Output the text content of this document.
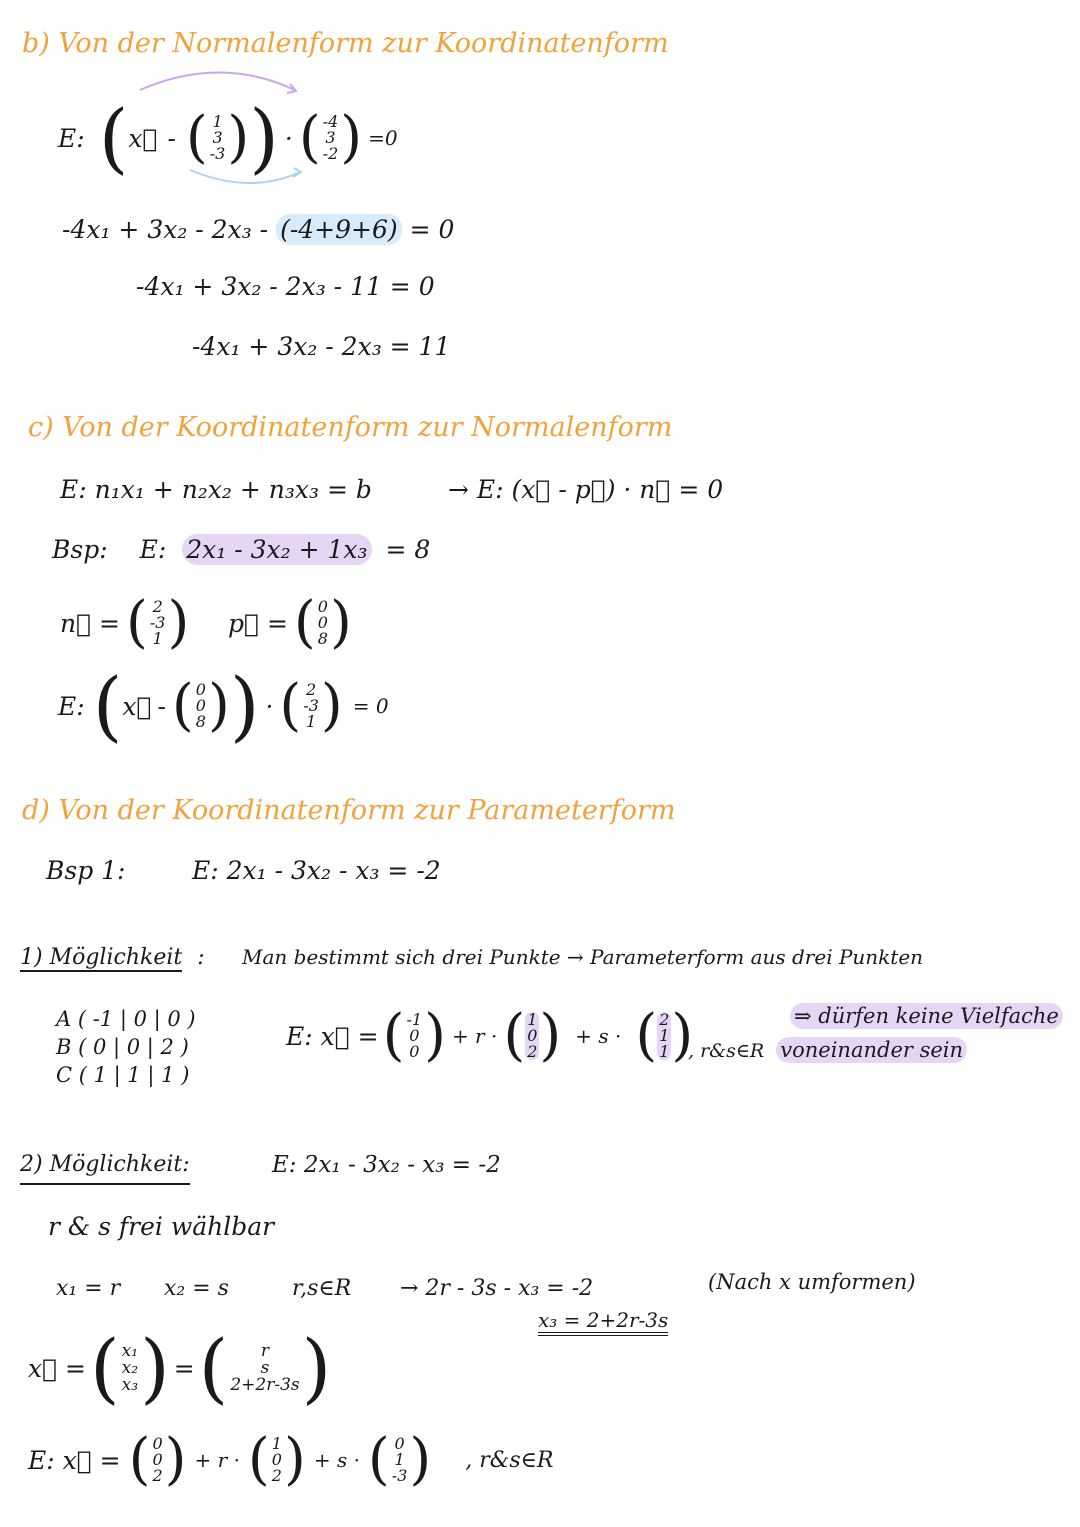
b) Von der Normalenform zur Koordinatenform
E: ( x⃗ - ( 1
3
-3 ) ) · ( -4
3
-2 ) =0
-4x₁ + 3x₂ - 2x₃ - (-4+9+6) = 0
-4x₁ + 3x₂ - 2x₃ - 11 = 0
-4x₁ + 3x₂ - 2x₃ = 11
c) Von der Koordinatenform zur Normalenform
E: n₁x₁ + n₂x₂ + n₃x₃ = b	→ E: (x⃗ - p⃗) · n⃗ = 0
Bsp: E: 2x₁ - 3x₂ + 1x₃ = 8
n⃗ = ( 2
-3
1 ) p⃗ = ( 0
0
8 )
E: ( x⃗ - ( 0
0
8 ) ) · ( 2
-3
1 ) = 0
d) Von der Koordinatenform zur Parameterform
Bsp 1:	E: 2x₁ - 3x₂ - x₃ = -2
1) Möglichkeit : Man bestimmt sich drei Punkte → Parameterform aus drei Punkten
A ( -1 | 0 | 0 )
B ( 0 | 0 | 2 )
C ( 1 | 1 | 1 )
E: x⃗ = ( -1
0
0 ) + r · ( 1
0
2 ) + s · ( 2
1
1 )	⇒ dürfen keine Vielfache
, r&s∈R voneinander sein
2) Möglichkeit:	E: 2x₁ - 3x₂ - x₃ = -2
r & s frei wählbar
x₁ = r x₂ = s	r,s∈R → 2r - 3s - x₃ = -2	(Nach x umformen)
x₃ = 2+2r-3s
x⃗ = ( x₁
x₂
x₃ ) = ( r
s
2+2r-3s )
E: x⃗ = ( 0
0
2 ) + r · ( 1
0
2 ) + s · ( 0
1
-3 ) , r&s∈R
